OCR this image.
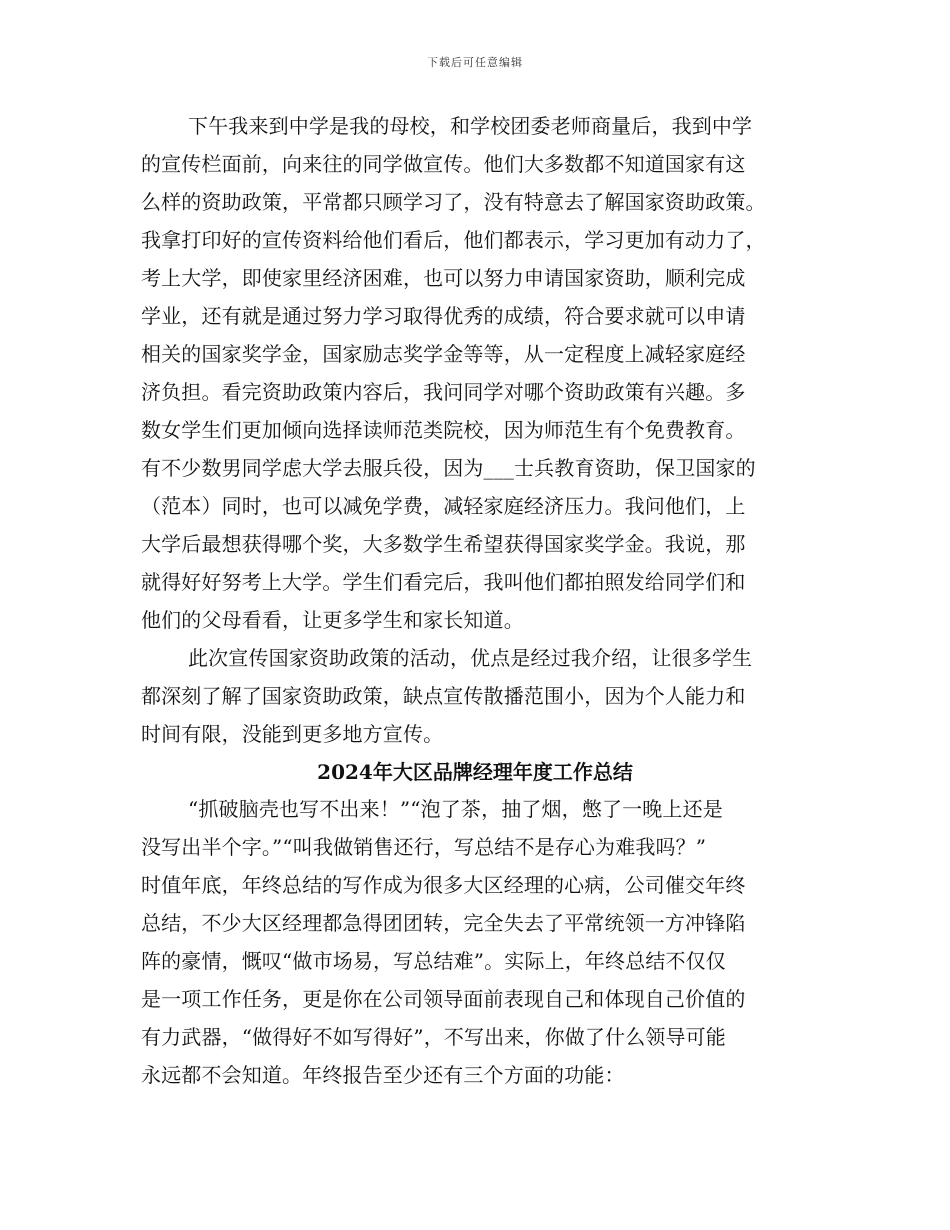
下载后可任意编辑
下午我来到中学是我的母校，和学校团委老师商量后，我到中学
的宣传栏面前，向来往的同学做宣传。他们大多数都不知道国家有这
么样的资助政策，平常都只顾学习了，没有特意去了解国家资助政策。
我拿打印好的宣传资料给他们看后，他们都表示，学习更加有动力了，
考上大学，即使家里经济困难，也可以努力申请国家资助，顺利完成
学业，还有就是通过努力学习取得优秀的成绩，符合要求就可以申请
相关的国家奖学金，国家励志奖学金等等，从一定程度上减轻家庭经
济负担。看完资助政策内容后，我问同学对哪个资助政策有兴趣。多
数女学生们更加倾向选择读师范类院校，因为师范生有个免费教育。
有不少数男同学虑大学去服兵役，因为___士兵教育资助，保卫国家的
（范本）同时，也可以减免学费，减轻家庭经济压力。我问他们，上
大学后最想获得哪个奖，大多数学生希望获得国家奖学金。我说，那
就得好好努考上大学。学生们看完后，我叫他们都拍照发给同学们和
他们的父母看看，让更多学生和家长知道。
此次宣传国家资助政策的活动，优点是经过我介绍，让很多学生
都深刻了解了国家资助政策，缺点宣传散播范围小，因为个人能力和
时间有限，没能到更多地方宣传。
2024年大区品牌经理年度工作总结
“抓破脑壳也写不出来！”“泡了茶，抽了烟，憋了一晚上还是
没写出半个字。”“叫我做销售还行，写总结不是存心为难我吗？”
时值年底，年终总结的写作成为很多大区经理的心病，公司催交年终
总结，不少大区经理都急得团团转，完全失去了平常统领一方冲锋陷
阵的豪情，慨叹“做市场易，写总结难”。实际上，年终总结不仅仅
是一项工作任务，更是你在公司领导面前表现自己和体现自己价值的
有力武器，“做得好不如写得好”，不写出来，你做了什么领导可能
永远都不会知道。年终报告至少还有三个方面的功能：
